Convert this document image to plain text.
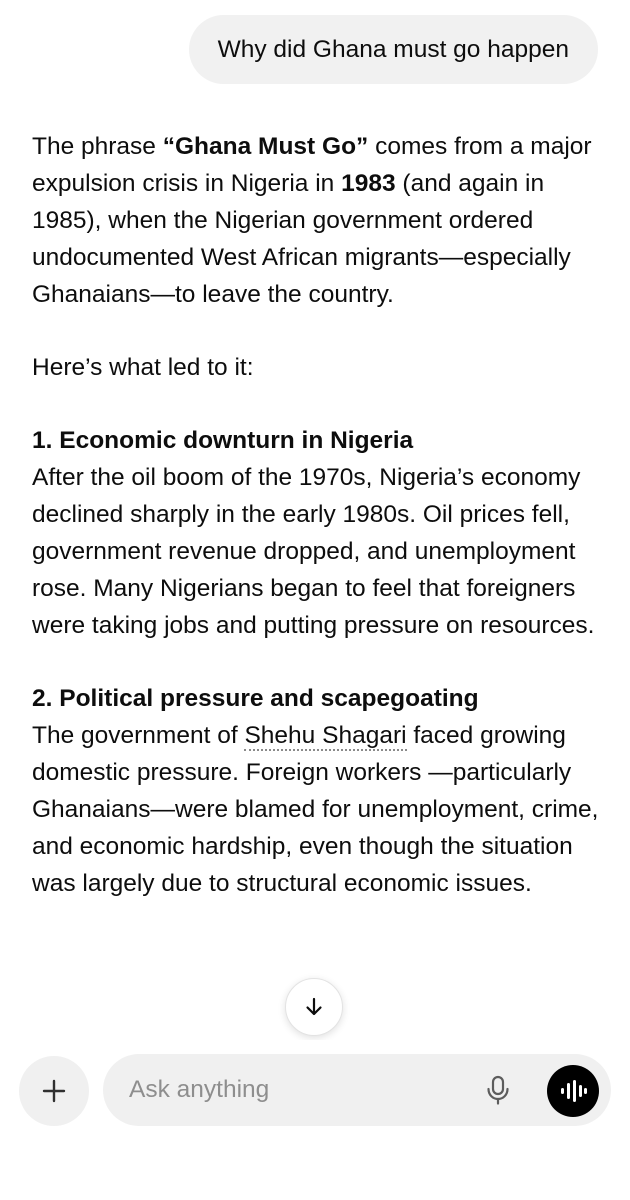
Why did Ghana must go happen

The phrase “Ghana Must Go” comes from a major expulsion crisis in Nigeria in 1983 (and again in 1985), when the Nigerian government ordered undocumented West African migrants—especially Ghanaians—to leave the country.

Here’s what led to it:

1. Economic downturn in Nigeria
After the oil boom of the 1970s, Nigeria’s economy declined sharply in the early 1980s. Oil prices fell, government revenue dropped, and unemployment rose. Many Nigerians began to feel that foreigners were taking jobs and putting pressure on resources.

2. Political pressure and scapegoating
The government of Shehu Shagari faced growing domestic pressure. Foreign workers —particularly Ghanaians—were blamed for unemployment, crime, and economic hardship, even though the situation was largely due to structural economic issues.

Ask anything
